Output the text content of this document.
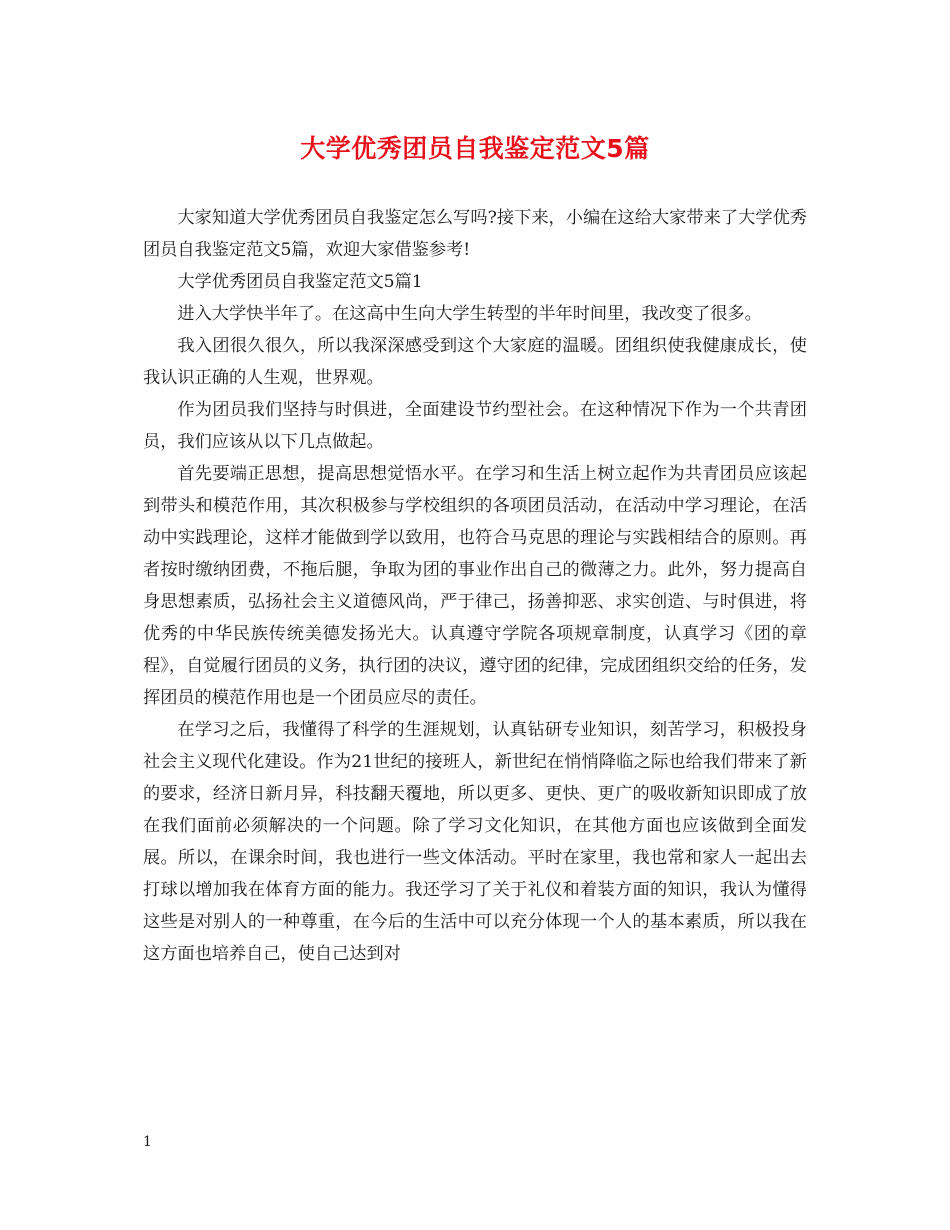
大学优秀团员自我鉴定范文5篇

大家知道大学优秀团员自我鉴定怎么写吗?接下来，小编在这给大家带来了大学优秀团员自我鉴定范文5篇，欢迎大家借鉴参考!

大学优秀团员自我鉴定范文5篇1

进入大学快半年了。在这高中生向大学生转型的半年时间里，我改变了很多。

我入团很久很久，所以我深深感受到这个大家庭的温暖。团组织使我健康成长，使我认识正确的人生观，世界观。

作为团员我们坚持与时俱进，全面建设节约型社会。在这种情况下作为一个共青团员，我们应该从以下几点做起。

首先要端正思想，提高思想觉悟水平。在学习和生活上树立起作为共青团员应该起到带头和模范作用，其次积极参与学校组织的各项团员活动，在活动中学习理论，在活动中实践理论，这样才能做到学以致用，也符合马克思的理论与实践相结合的原则。再者按时缴纳团费，不拖后腿，争取为团的事业作出自己的微薄之力。此外，努力提高自身思想素质，弘扬社会主义道德风尚，严于律己，扬善抑恶、求实创造、与时俱进，将优秀的中华民族传统美德发扬光大。认真遵守学院各项规章制度，认真学习《团的章程》，自觉履行团员的义务，执行团的决议，遵守团的纪律，完成团组织交给的任务，发挥团员的模范作用也是一个团员应尽的责任。

在学习之后，我懂得了科学的生涯规划，认真钻研专业知识，刻苦学习，积极投身社会主义现代化建设。作为21世纪的接班人，新世纪在悄悄降临之际也给我们带来了新的要求，经济日新月异，科技翻天覆地，所以更多、更快、更广的吸收新知识即成了放在我们面前必须解决的一个问题。除了学习文化知识，在其他方面也应该做到全面发展。所以，在课余时间，我也进行一些文体活动。平时在家里，我也常和家人一起出去打球以增加我在体育方面的能力。我还学习了关于礼仪和着装方面的知识，我认为懂得这些是对别人的一种尊重，在今后的生活中可以充分体现一个人的基本素质，所以我在这方面也培养自己，使自己达到对

1
